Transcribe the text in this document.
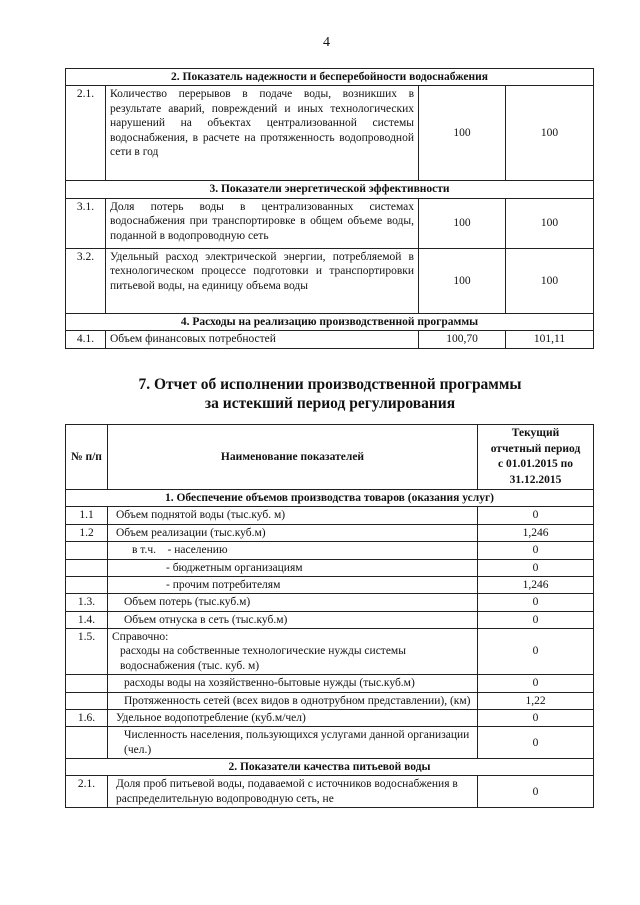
4
2. Показатель надежности и бесперебойности водоснабжения			
2.1.	Количество перерывов в подаче воды, возникших в результате аварий, повреждений и иных технологических нарушений на объектах централизованной системы водоснабжения, в расчете на протяженность водопроводной сети в год	100	100
3. Показатели энергетической эффективности			
3.1.	Доля потерь воды в централизованных системах водоснабжения при транспортировке в общем объеме воды, поданной в водопроводную сеть	100	100
3.2.	Удельный расход электрической энергии, потребляемой в технологическом процессе подготовки и транспортировки питьевой воды, на единицу объема воды	100	100
4. Расходы на реализацию производственной программы			
4.1.	Объем финансовых потребностей	100,70	101,11
7. Отчет об исполнении производственной программы
за истекший период регулирования
№ п/п	Наименование показателей	Текущий
отчетный период
с 01.01.2015 по
31.12.2015

1. Обеспечение объемов производства товаров (оказания услуг)		
1.1	Объем поднятой воды (тыс.куб. м)	0
1.2	Объем реализации (тыс.куб.м)	1,246
	в т.ч.    - населению	0
	- бюджетным организациям	0
	- прочим потребителям	1,246
1.3.	Объем потерь (тыс.куб.м)	0
1.4.	Объем отнуска в сеть (тыс.куб.м)	0
1.5.	Справочно:
расходы на собственные технологические нужды системы водоснабжения (тыс. куб. м)	0
	расходы воды на хозяйственно-бытовые нужды (тыс.куб.м)	0
	Протяженность сетей (всех видов в однотрубном представлении), (км)	1,22
1.6.	Удельное водопотребление (куб.м/чел)	0
	Численность населения, пользующихся услугами данной организации (чел.)	0
2. Показатели качества питьевой воды		
2.1.	Доля проб питьевой воды, подаваемой с источников водоснабжения в распределительную водопроводную сеть, не	0
